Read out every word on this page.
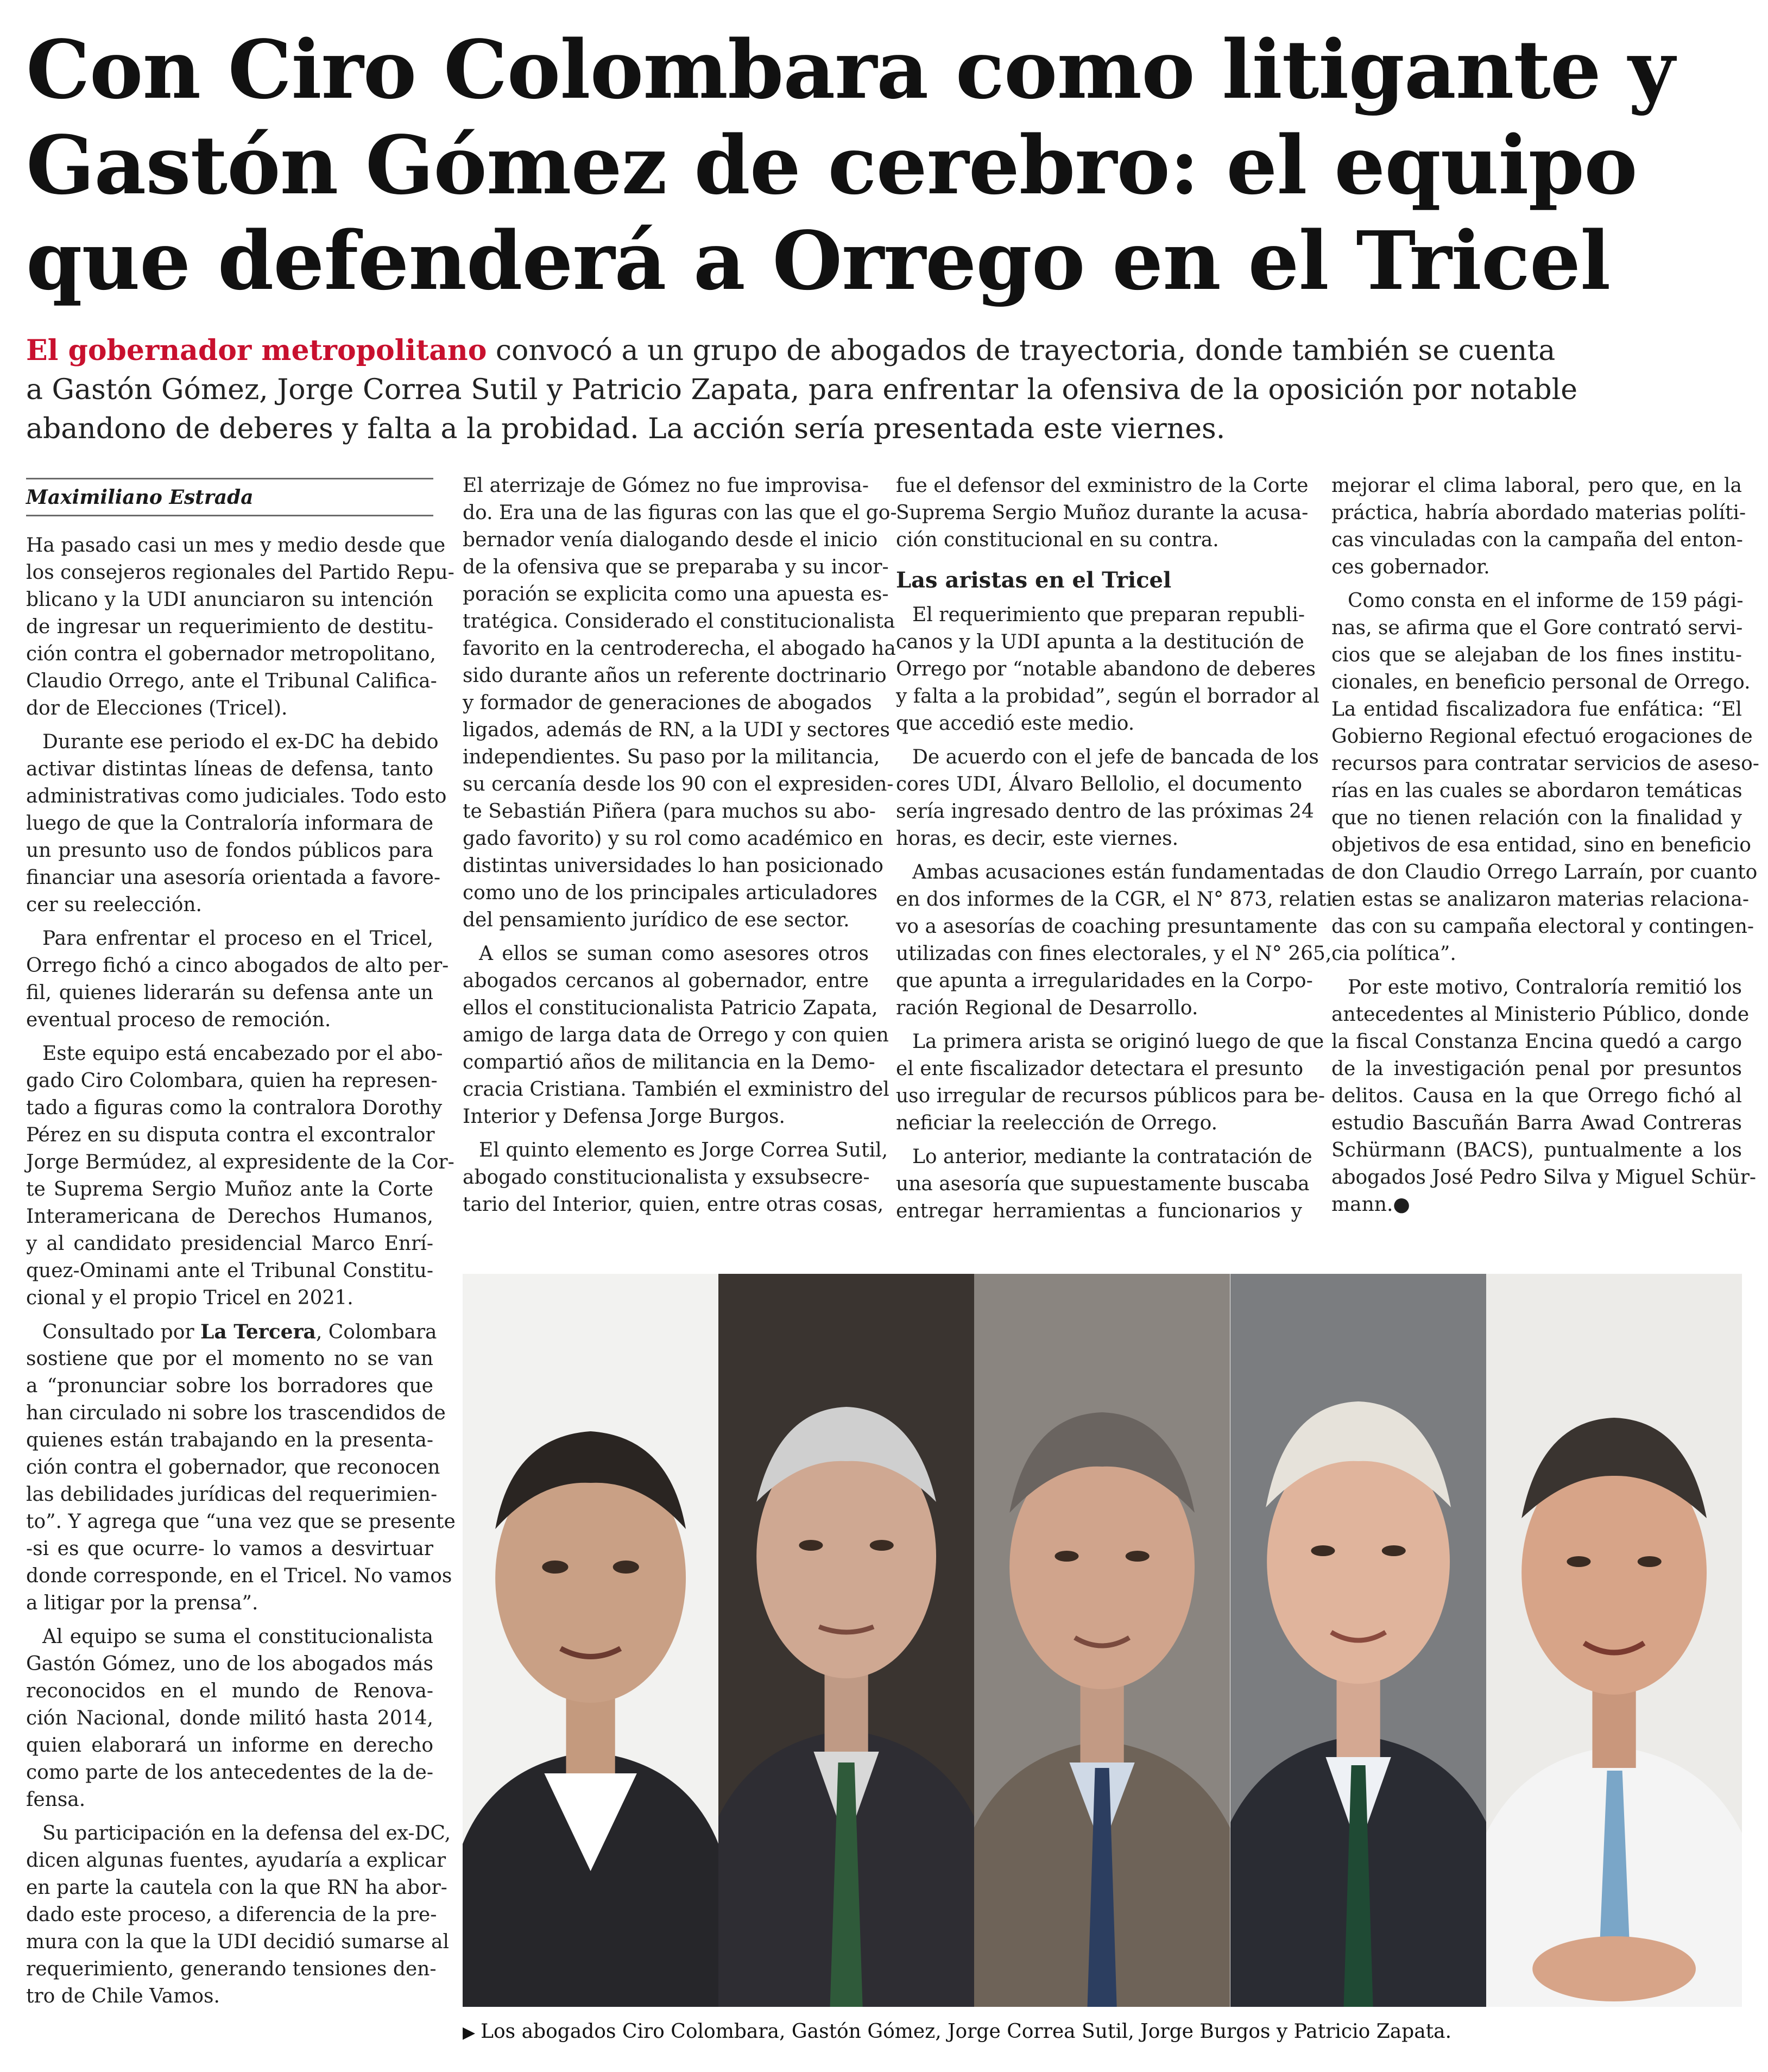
Con Ciro Colombara como litigante y
Gastón Gómez de cerebro: el equipo
que defenderá a Orrego en el Tricel
El gobernador metropolitano convocó a un grupo de abogados de trayectoria, donde también se cuenta
a Gastón Gómez, Jorge Correa Sutil y Patricio Zapata, para enfrentar la ofensiva de la oposición por notable
abandono de deberes y falta a la probidad. La acción sería presentada este viernes.
Maximiliano Estrada
Ha pasado casi un mes y medio desde que
los consejeros regionales del Partido Repu-
blicano y la UDI anunciaron su intención
de ingresar un requerimiento de destitu-
ción contra el gobernador metropolitano,
Claudio Orrego, ante el Tribunal Califica-
dor de Elecciones (Tricel).
Durante ese periodo el ex-DC ha debido
activar distintas líneas de defensa, tanto
administrativas como judiciales. Todo esto
luego de que la Contraloría informara de
un presunto uso de fondos públicos para
financiar una asesoría orientada a favore-
cer su reelección.
Para enfrentar el proceso en el Tricel,
Orrego fichó a cinco abogados de alto per-
fil, quienes liderarán su defensa ante un
eventual proceso de remoción.
Este equipo está encabezado por el abo-
gado Ciro Colombara, quien ha represen-
tado a figuras como la contralora Dorothy
Pérez en su disputa contra el excontralor
Jorge Bermúdez, al expresidente de la Cor-
te Suprema Sergio Muñoz ante la Corte
Interamericana de Derechos Humanos,
y al candidato presidencial Marco Enrí-
quez-Ominami ante el Tribunal Constitu-
cional y el propio Tricel en 2021.
Consultado por La Tercera, Colombara
sostiene que por el momento no se van
a “pronunciar sobre los borradores que
han circulado ni sobre los trascendidos de
quienes están trabajando en la presenta-
ción contra el gobernador, que reconocen
las debilidades jurídicas del requerimien-
to”. Y agrega que “una vez que se presente
-si es que ocurre- lo vamos a desvirtuar
donde corresponde, en el Tricel. No vamos
a litigar por la prensa”.
Al equipo se suma el constitucionalista
Gastón Gómez, uno de los abogados más
reconocidos en el mundo de Renova-
ción Nacional, donde militó hasta 2014,
quien elaborará un informe en derecho
como parte de los antecedentes de la de-
fensa.
Su participación en la defensa del ex-DC,
dicen algunas fuentes, ayudaría a explicar
en parte la cautela con la que RN ha abor-
dado este proceso, a diferencia de la pre-
mura con la que la UDI decidió sumarse al
requerimiento, generando tensiones den-
tro de Chile Vamos.
El aterrizaje de Gómez no fue improvisa-
do. Era una de las figuras con las que el go-
bernador venía dialogando desde el inicio
de la ofensiva que se preparaba y su incor-
poración se explicita como una apuesta es-
tratégica. Considerado el constitucionalista
favorito en la centroderecha, el abogado ha
sido durante años un referente doctrinario
y formador de generaciones de abogados
ligados, además de RN, a la UDI y sectores
independientes. Su paso por la militancia,
su cercanía desde los 90 con el expresiden-
te Sebastián Piñera (para muchos su abo-
gado favorito) y su rol como académico en
distintas universidades lo han posicionado
como uno de los principales articuladores
del pensamiento jurídico de ese sector.
A ellos se suman como asesores otros
abogados cercanos al gobernador, entre
ellos el constitucionalista Patricio Zapata,
amigo de larga data de Orrego y con quien
compartió años de militancia en la Demo-
cracia Cristiana. También el exministro del
Interior y Defensa Jorge Burgos.
El quinto elemento es Jorge Correa Sutil,
abogado constitucionalista y exsubsecre-
tario del Interior, quien, entre otras cosas,
fue el defensor del exministro de la Corte
Suprema Sergio Muñoz durante la acusa-
ción constitucional en su contra.
Las aristas en el Tricel
El requerimiento que preparan republi-
canos y la UDI apunta a la destitución de
Orrego por “notable abandono de deberes
y falta a la probidad”, según el borrador al
que accedió este medio.
De acuerdo con el jefe de bancada de los
cores UDI, Álvaro Bellolio, el documento
sería ingresado dentro de las próximas 24
horas, es decir, este viernes.
Ambas acusaciones están fundamentadas
en dos informes de la CGR, el N° 873, relati-
vo a asesorías de coaching presuntamente
utilizadas con fines electorales, y el N° 265,
que apunta a irregularidades en la Corpo-
ración Regional de Desarrollo.
La primera arista se originó luego de que
el ente fiscalizador detectara el presunto
uso irregular de recursos públicos para be-
neficiar la reelección de Orrego.
Lo anterior, mediante la contratación de
una asesoría que supuestamente buscaba
entregar herramientas a funcionarios y
mejorar el clima laboral, pero que, en la
práctica, habría abordado materias políti-
cas vinculadas con la campaña del enton-
ces gobernador.
Como consta en el informe de 159 pági-
nas, se afirma que el Gore contrató servi-
cios que se alejaban de los fines institu-
cionales, en beneficio personal de Orrego.
La entidad fiscalizadora fue enfática: “El
Gobierno Regional efectuó erogaciones de
recursos para contratar servicios de aseso-
rías en las cuales se abordaron temáticas
que no tienen relación con la finalidad y
objetivos de esa entidad, sino en beneficio
de don Claudio Orrego Larraín, por cuanto
en estas se analizaron materias relaciona-
das con su campaña electoral y contingen-
cia política”.
Por este motivo, Contraloría remitió los
antecedentes al Ministerio Público, donde
la fiscal Constanza Encina quedó a cargo
de la investigación penal por presuntos
delitos. Causa en la que Orrego fichó al
estudio Bascuñán Barra Awad Contreras
Schürmann (BACS), puntualmente a los
abogados José Pedro Silva y Miguel Schür-
mann.●
▶ Los abogados Ciro Colombara, Gastón Gómez, Jorge Correa Sutil, Jorge Burgos y Patricio Zapata.
